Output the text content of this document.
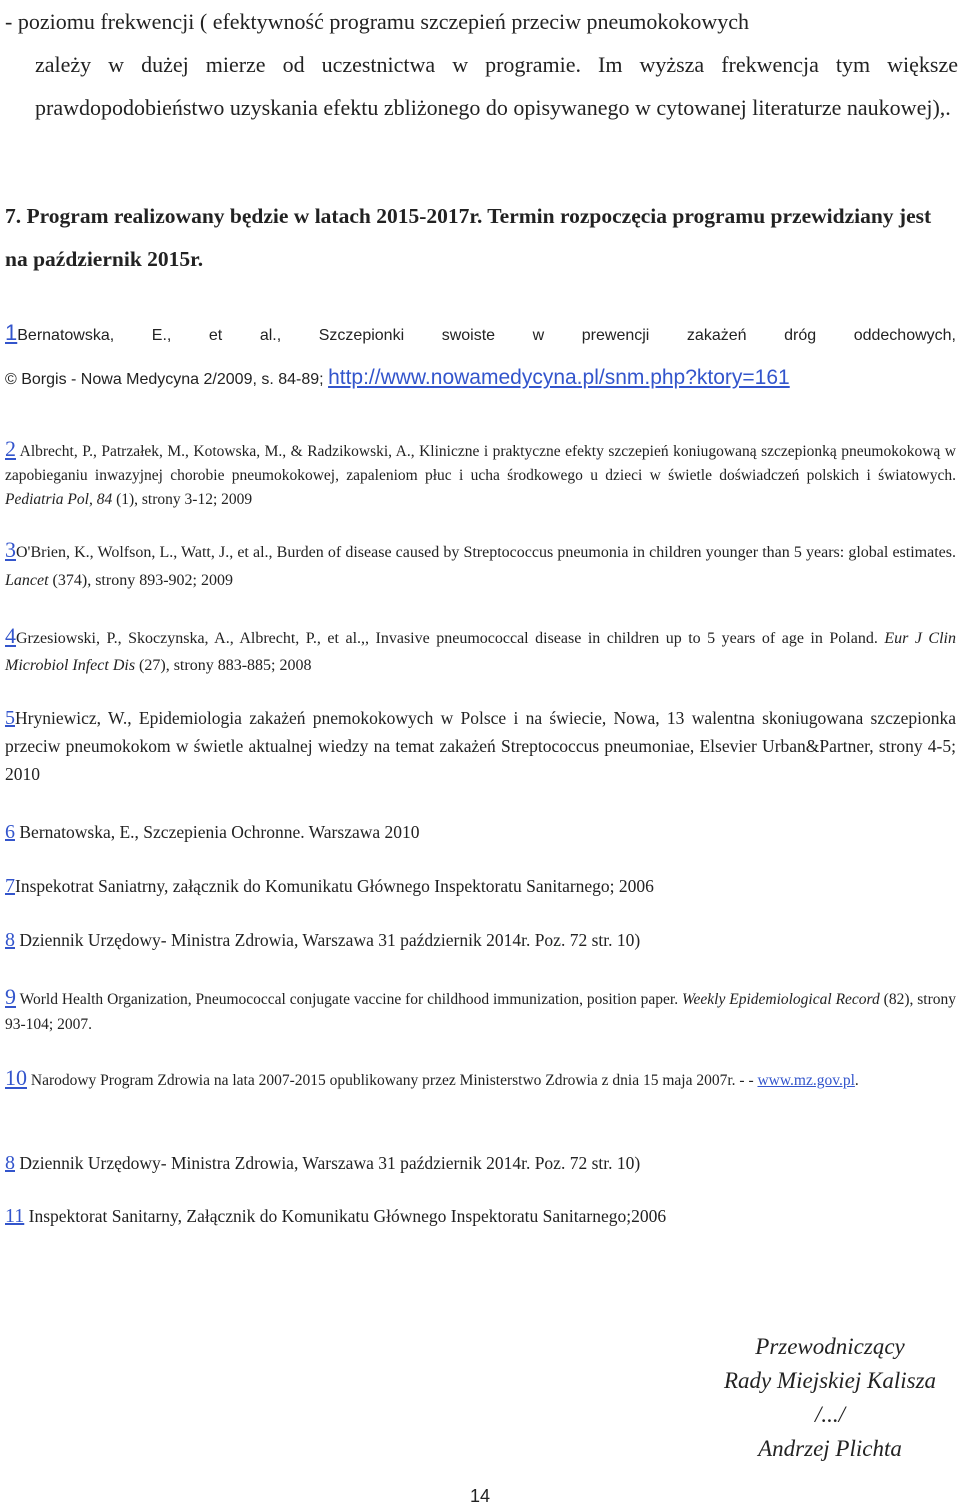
- poziomu frekwencji ( efektywność programu szczepień przeciw pneumokokowych
zależy w dużej mierze od uczestnictwa w programie. Im wyższa frekwencja tym większe prawdopodobieństwo uzyskania efektu zbliżonego do opisywanego w cytowanej literaturze naukowej),.
7. Program realizowany będzie w latach 2015-2017r. Termin rozpoczęcia programu przewidziany jest na październik 2015r.
1Bernatowska, E., et al., Szczepionki swoiste w prewencji zakażeń dróg oddechowych,
© Borgis - Nowa Medycyna 2/2009, s. 84-89; http://www.nowamedycyna.pl/snm.php?ktory=161
2 Albrecht, P., Patrzałek, M., Kotowska, M., & Radzikowski, A., Kliniczne i praktyczne efekty szczepień koniugowaną szczepionką pneumokokową w zapobieganiu inwazyjnej chorobie pneumokokowej, zapaleniom płuc i ucha środkowego u dzieci w świetle doświadczeń polskich i światowych. Pediatria Pol, 84 (1), strony 3-12; 2009
3O'Brien, K., Wolfson, L., Watt, J., et al., Burden of disease caused by Streptococcus pneumonia in children younger than 5 years: global estimates. Lancet (374), strony 893-902; 2009
4Grzesiowski, P., Skoczynska, A., Albrecht, P., et al.,, Invasive pneumococcal disease in children up to 5 years of age in Poland. Eur J Clin Microbiol Infect Dis (27), strony 883-885; 2008
5Hryniewicz, W., Epidemiologia zakażeń pnemokokowych w Polsce i na świecie, Nowa, 13 walentna skoniugowana szczepionka przeciw pneumokokom w świetle aktualnej wiedzy na temat zakażeń Streptococcus pneumoniae, Elsevier Urban&Partner, strony 4-5; 2010
6 Bernatowska, E., Szczepienia Ochronne. Warszawa 2010
7Inspekotrat Saniatrny, załącznik do Komunikatu Głównego Inspektoratu Sanitarnego; 2006
8 Dziennik Urzędowy- Ministra Zdrowia, Warszawa 31 październik 2014r. Poz. 72 str. 10)
9 World Health Organization, Pneumococcal conjugate vaccine for childhood immunization, position paper. Weekly Epidemiological Record (82), strony 93-104; 2007.
10 Narodowy Program Zdrowia na lata 2007-2015 opublikowany przez Ministerstwo Zdrowia z dnia 15 maja 2007r. - - www.mz.gov.pl.
8 Dziennik Urzędowy- Ministra Zdrowia, Warszawa 31 październik 2014r. Poz. 72 str. 10)
11 Inspektorat Sanitarny, Załącznik do Komunikatu Głównego Inspektoratu Sanitarnego;2006
Przewodniczący
Rady Miejskiej Kalisza
/.../
Andrzej Plichta
14
